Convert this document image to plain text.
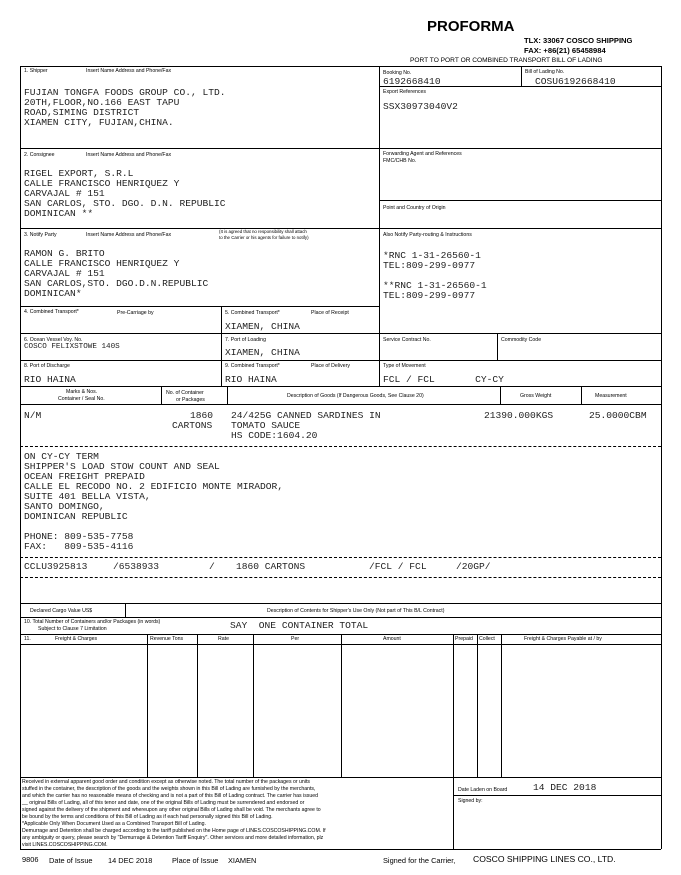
PROFORMA
TLX: 33067 COSCO SHIPPING
FAX: +86(21) 65458984
PORT TO PORT OR COMBINED TRANSPORT BILL OF LADING
1. Shipper	Insert Name Address and Phone/Fax
FUJIAN TONGFA FOODS GROUP CO., LTD.
20TH,FLOOR,NO.166 EAST TAPU
ROAD,SIMING DISTRICT
XIAMEN CITY, FUJIAN,CHINA.
Booking No.
6192668410
Bill of Lading No.
COSU6192668410
Export References
SSX30973040V2
2. Consignee	Insert Name Address and Phone/Fax
RIGEL EXPORT, S.R.L
CALLE FRANCISCO HENRIQUEZ Y
CARVAJAL # 151
SAN CARLOS, STO. DGO. D.N. REPUBLIC
DOMINICAN **
Forwarding Agent and References
FMC/CHB No.
Point and Country of Origin
3. Notify Party	Insert Name Address and Phone/Fax
(It is agreed that no responsibility shall attach
to the Carrier or his agents for failure to notify)
RAMON G. BRITO
CALLE FRANCISCO HENRIQUEZ Y
CARVAJAL # 151
SAN CARLOS,STO. DGO.D.N.REPUBLIC
DOMINICAN*
Also Notify Party-routing & Instructions
*RNC 1-31-26560-1
TEL:809-299-0977
**RNC 1-31-26560-1
TEL:809-299-0977
4. Combined Transport*	Pre-Carriage by	5. Combined Transport*	Place of Receipt
XIAMEN, CHINA
6. Ocean Vessel Voy. No.
COSCO FELIXSTOWE 140S
7. Port of Loading
XIAMEN, CHINA
Service Contract No.	Commodity Code
8. Port of Discharge
RIO HAINA
9. Combined Transport*	Place of Delivery
RIO HAINA
Type of Movement
FCL / FCL       CY-CY
Marks & Nos.
Container / Seal No.
No. of Container
or Packages
Description of Goods (If Dangerous Goods, See Clause 20)	Gross Weight	Measurement
N/M	1860
CARTONS
24/425G CANNED SARDINES IN
TOMATO SAUCE
HS CODE:1604.20
21390.000KGS	25.0000CBM
ON CY-CY TERM
SHIPPER'S LOAD STOW COUNT AND SEAL
OCEAN FREIGHT PREPAID
CALLE EL RECODO NO. 2 EDIFICIO MONTE MIRADOR,
SUITE 401 BELLA VISTA,
SANTO DOMINGO,
DOMINICAN REPUBLIC
PHONE: 809-535-7758
FAX:   809-535-4116
CCLU3925813	/6538933	/ 1860 CARTONS	/FCL / FCL	/20GP/
Declared Cargo Value US$	Description of Contents for Shipper's Use Only (Not part of This B/L Contract)
10. Total Number of Containers and/or Packages (in words)
Subject to Clause 7 Limitation	SAY  ONE CONTAINER TOTAL
11.	Freight & Charges	Revenue Tons	Rate	Per	Amount	Prepaid Collect	Freight & Charges Payable at / by
Received in external apparent good order and condition except as otherwise noted. The total number of the packages or units
stuffed in the container, the description of the goods and the weights shown in this Bill of Lading are furnished by the merchants,
and which the carrier has no reasonable means of checking and is not a part of this Bill of Lading contract. The carrier has issued
__ original Bills of Lading, all of this tenor and date, one of the original Bills of Lading must be surrendered and endorsed or
signed against the delivery of the shipment and whereupon any other original Bills of Lading shall be void. The merchants agree to
be bound by the terms and conditions of this Bill of Lading as if each had personally signed this Bill of Lading.
*Applicable Only When Document Used as a Combined Transport Bill of Lading.
Demurrage and Detention shall be charged according to the tariff published on the Home page of LINES.COSCOSHIPPING.COM. If
any ambiguity or query, please search by "Demurrage & Detention Tariff Enquiry". Other services and more detailed information, plz
visit LINES.COSCOSHIPPING.COM.
Date Laden on Board	14 DEC 2018
Signed by:
9806 Date of Issue 14 DEC 2018	Place of Issue XIAMEN	Signed for the Carrier, COSCO SHIPPING LINES CO., LTD.
